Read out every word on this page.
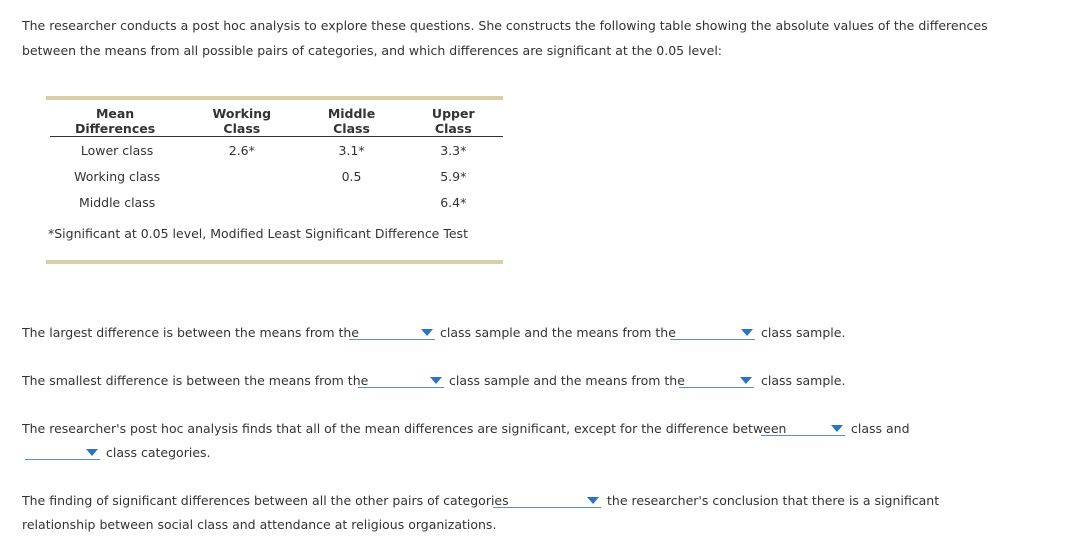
The researcher conducts a post hoc analysis to explore these questions. She constructs the following table showing the absolute values of the differences between the means from all possible pairs of categories, and which differences are significant at the 0.05 level:
Mean Differences	Working Class	Middle Class	Upper Class
Lower class	2.6*	3.1*	3.3*
Working class		0.5	5.9*
Middle class			6.4*
*Significant at 0.05 level, Modified Least Significant Difference Test
The largest difference is between the means from the	class sample and the means from the	class sample.
The smallest difference is between the means from the	class sample and the means from the	class sample.
The researcher's post hoc analysis finds that all of the mean differences are significant, except for the difference between	class and
class categories.
The finding of significant differences between all the other pairs of categories	the researcher's conclusion that there is a significant
relationship between social class and attendance at religious organizations.
